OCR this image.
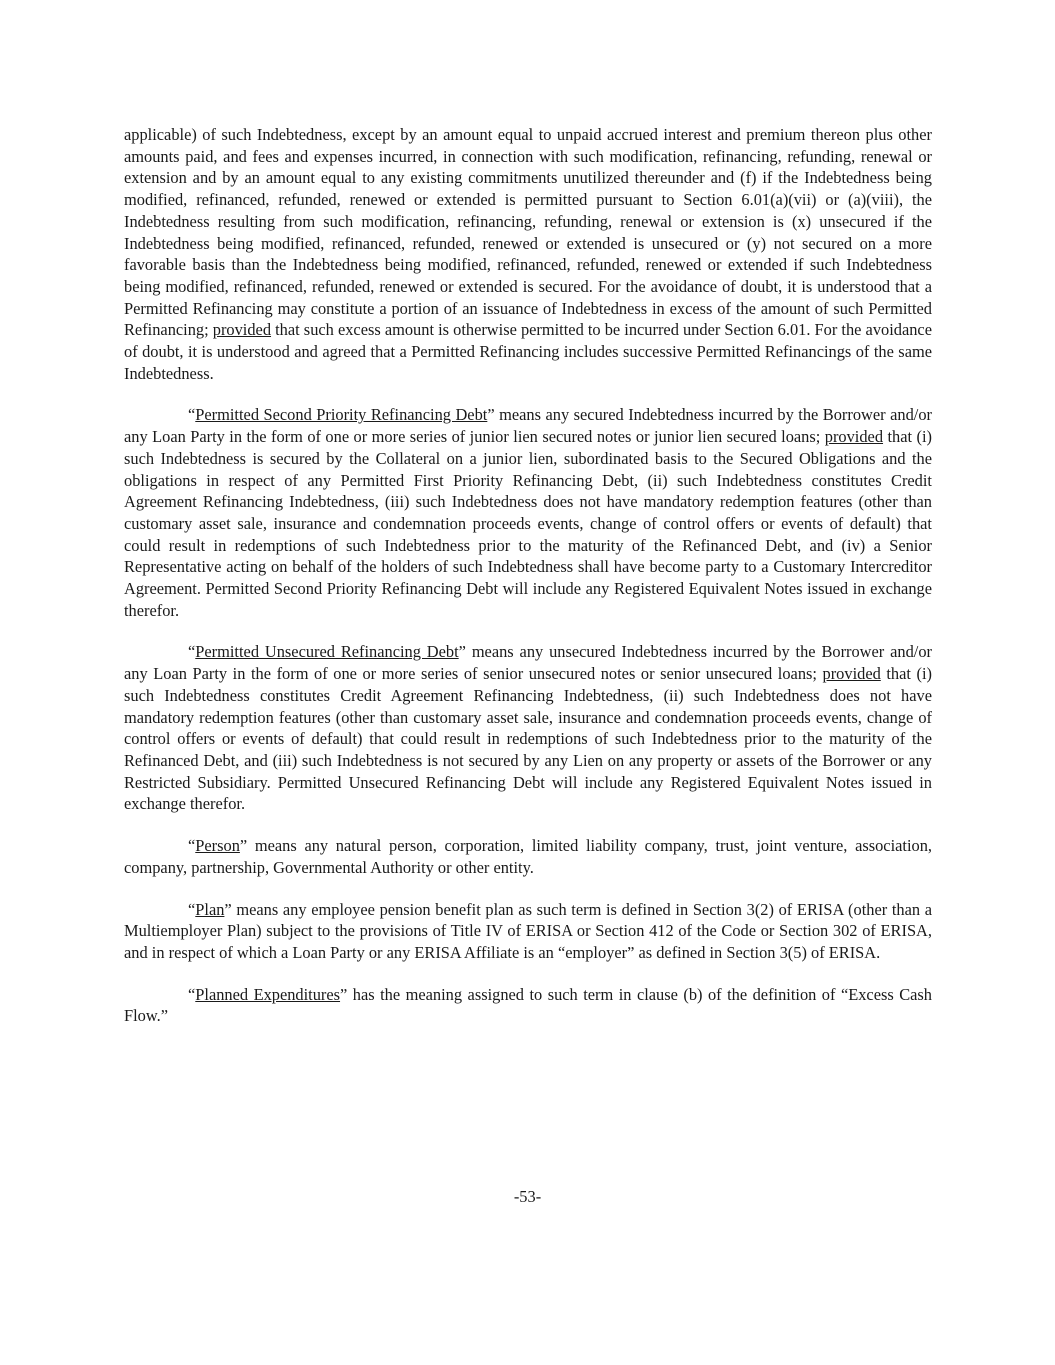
applicable) of such Indebtedness, except by an amount equal to unpaid accrued interest and premium thereon plus other amounts paid, and fees and expenses incurred, in connection with such modification, refinancing, refunding, renewal or extension and by an amount equal to any existing commitments unutilized thereunder and (f) if the Indebtedness being modified, refinanced, refunded, renewed or extended is permitted pursuant to Section 6.01(a)(vii) or (a)(viii), the Indebtedness resulting from such modification, refinancing, refunding, renewal or extension is (x) unsecured if the Indebtedness being modified, refinanced, refunded, renewed or extended is unsecured or (y) not secured on a more favorable basis than the Indebtedness being modified, refinanced, refunded, renewed or extended if such Indebtedness being modified, refinanced, refunded, renewed or extended is secured. For the avoidance of doubt, it is understood that a Permitted Refinancing may constitute a portion of an issuance of Indebtedness in excess of the amount of such Permitted Refinancing; provided that such excess amount is otherwise permitted to be incurred under Section 6.01. For the avoidance of doubt, it is understood and agreed that a Permitted Refinancing includes successive Permitted Refinancings of the same Indebtedness.

“Permitted Second Priority Refinancing Debt” means any secured Indebtedness incurred by the Borrower and/or any Loan Party in the form of one or more series of junior lien secured notes or junior lien secured loans; provided that (i) such Indebtedness is secured by the Collateral on a junior lien, subordinated basis to the Secured Obligations and the obligations in respect of any Permitted First Priority Refinancing Debt, (ii) such Indebtedness constitutes Credit Agreement Refinancing Indebtedness, (iii) such Indebtedness does not have mandatory redemption features (other than customary asset sale, insurance and condemnation proceeds events, change of control offers or events of default) that could result in redemptions of such Indebtedness prior to the maturity of the Refinanced Debt, and (iv) a Senior Representative acting on behalf of the holders of such Indebtedness shall have become party to a Customary Intercreditor Agreement. Permitted Second Priority Refinancing Debt will include any Registered Equivalent Notes issued in exchange therefor.

“Permitted Unsecured Refinancing Debt” means any unsecured Indebtedness incurred by the Borrower and/or any Loan Party in the form of one or more series of senior unsecured notes or senior unsecured loans; provided that (i) such Indebtedness constitutes Credit Agreement Refinancing Indebtedness, (ii) such Indebtedness does not have mandatory redemption features (other than customary asset sale, insurance and condemnation proceeds events, change of control offers or events of default) that could result in redemptions of such Indebtedness prior to the maturity of the Refinanced Debt, and (iii) such Indebtedness is not secured by any Lien on any property or assets of the Borrower or any Restricted Subsidiary. Permitted Unsecured Refinancing Debt will include any Registered Equivalent Notes issued in exchange therefor.

“Person” means any natural person, corporation, limited liability company, trust, joint venture, association, company, partnership, Governmental Authority or other entity.

“Plan” means any employee pension benefit plan as such term is defined in Section 3(2) of ERISA (other than a Multiemployer Plan) subject to the provisions of Title IV of ERISA or Section 412 of the Code or Section 302 of ERISA, and in respect of which a Loan Party or any ERISA Affiliate is an “employer” as defined in Section 3(5) of ERISA.

“Planned Expenditures” has the meaning assigned to such term in clause (b) of the definition of “Excess Cash Flow.”

-53-
